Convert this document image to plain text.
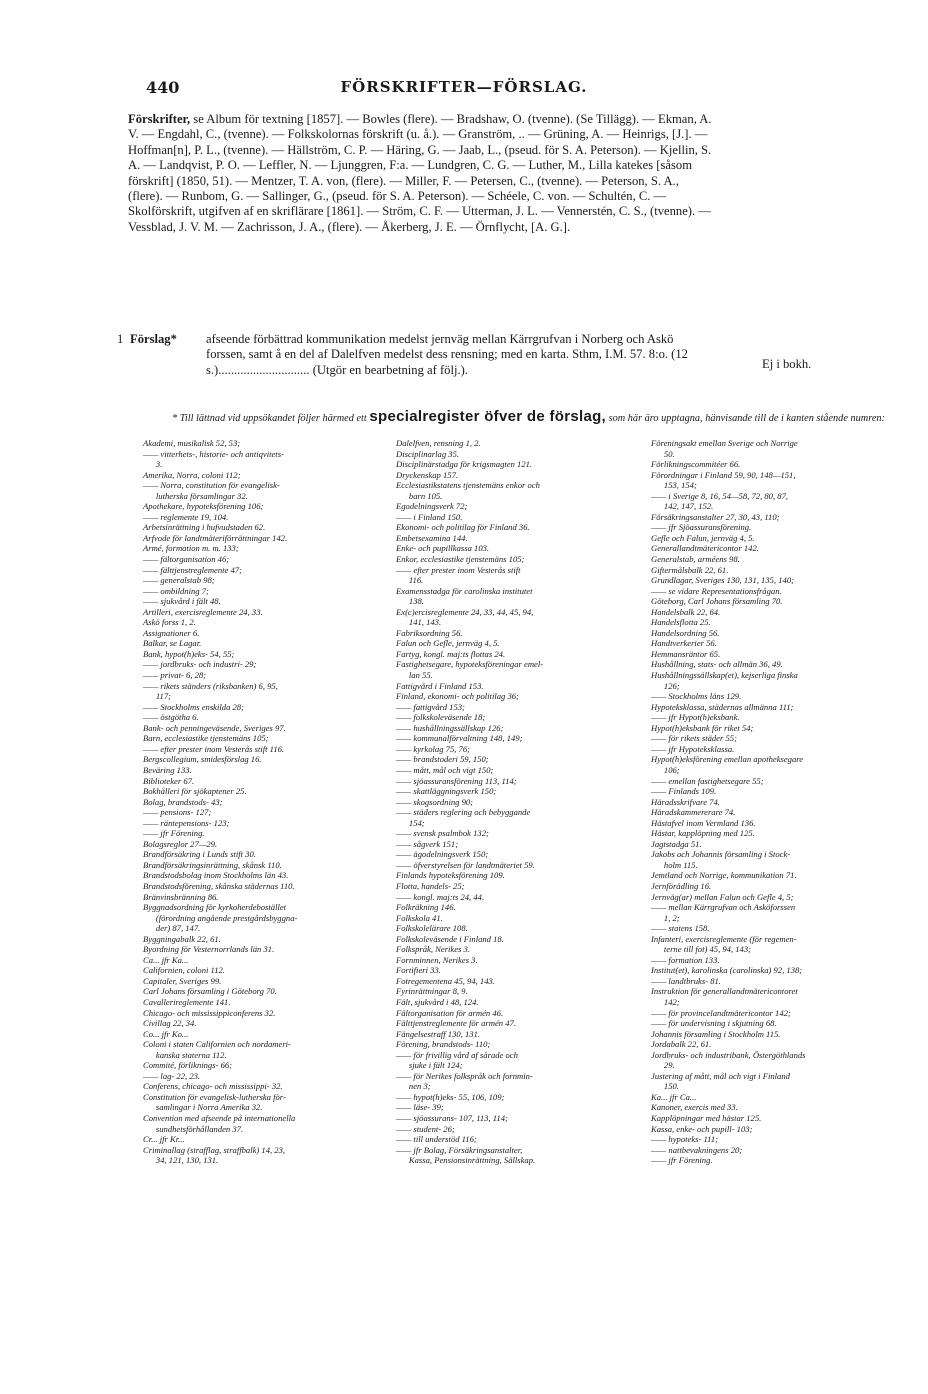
440	FÖRSKRIFTER—FÖRSLAG.
Förskrifter, se Album för textning [1857]. — Bowles (flere). — Bradshaw, O. (tvenne). (Se Tillägg). — Ekman, A. V. — Engdahl, C., (tvenne). — Folkskolornas förskrift (u. å.). — Granström, .. — Grüning, A. — Heinrigs, [J.]. — Hoffman[n], P. L., (tvenne). — Hällström, C. P. — Häring, G. — Jaab, L., (pseud. för S. A. Peterson). — Kjellin, S. A. — Landqvist, P. O. — Leffler, N. — Ljunggren, F:a. — Lundgren, C. G. — Luther, M., Lilla katekes [såsom förskrift] (1850, 51). — Mentzer, T. A. von, (flere). — Miller, F. — Petersen, C., (tvenne). — Peterson, S. A., (flere). — Runbom, G. — Sallinger, G., (pseud. för S. A. Peterson). — Schéele, C. von. — Schultén, C. — Skolförskrift, utgifven af en skriflärare [1861]. — Ström, C. F. — Utterman, J. L. — Vennerstén, C. S., (tvenne). — Vessblad, J. V. M. — Zachrisson, J. A., (flere). — Åkerberg, J. E. — Örnflycht, [A. G.].
1 Förslag* afseende förbättrad kommunikation medelst jernväg mellan Kärrgrufvan i Norberg och Askö forssen, samt å en del af Dalelfven medelst dess rensning; med en karta. Sthm, I.M. 57. 8:o. (12 s.)............................. (Utgör en bearbetning af följ.).	Ej i bokh.
* Till lättnad vid uppsökandet följer härmed ett specialregister öfver de förslag, som här äro upptagna, hänvisande till de i kanten stående numren:
Akademi, musikalisk 52, 53;
—— vitterhets-, historie- och antiqvitets-
3.
Amerika, Norra, coloni 112;
—— Norra, constitution för evangelisk-
lutherska församlingar 32.
Apothekare, hypoteksförening 106;
—— reglemente 19, 104.
Arbetsinrättning i hufvudstaden 62.
Arfvode för landtmäteriförrättningar 142.
Armé, formation m. m. 133;
—— fältorganisation 46;
—— fälttjenstreglemente 47;
—— generalstab 98;
—— ombildning 7;
—— sjukvård i fält 48.
Artilleri, exercisreglemente 24, 33.
Askö forss 1, 2.
Assignationer 6.
Balkar, se Lagar.
Bank, hypot(h)eks- 54, 55;
—— jordbruks- och industri- 29;
—— privat- 6, 28;
—— rikets ständers (riksbanken) 6, 95,
117;
—— Stockholms enskilda 28;
—— östgötha 6.
Bank- och penningeväsende, Sveriges 97.
Barn, ecclesiastike tjenstemäns 105;
—— efter prester inom Vesterås stift 116.
Bergscollegium, smidesförslag 16.
Beväring 133.
Biblioteker 67.
Bokhålleri för sjökaptener 25.
Bolag, brandstods- 43;
—— pensions- 127;
—— räntepensions- 123;
—— jfr Förening.
Bolagsreglor 27—29.
Brandförsäkring i Lunds stift 30.
Brandförsäkringsinrättning, skånsk 110.
Brandstodsbolag inom Stockholms län 43.
Brandstodsförening, skånska städernas 110.
Bränvinsbränning 86.
Byggnadsordning för kyrkoherdebostället
(förordning angående prestgårdsbyggna-
der) 87, 147.
Byggningabalk 22, 61.
Byordning för Vesternorrlands län 31.
Ca... jfr Ka...
Californien, coloni 112.
Capitaler, Sveriges 99.
Carl Johans församling i Göteborg 70.
Cavallerireglemente 141.
Chicago- och mississippiconferens 32.
Civillag 22, 34.
Co... jfr Ko...
Coloni i staten Californien och nordameri-
kanska staterna 112.
Commité, förliknings- 66;
—— lag- 22, 23.
Conferens, chicago- och mississippi- 32.
Constitution för evangelisk-lutherska för-
samlingar i Norra Amerika 32.
Convention med afseende på internationella
sundhetsförhållanden 37.
Cr... jfr Kr...
Criminallag (strafflag, straffbalk) 14, 23,
34, 121, 130, 131.
Dalelfven, rensning 1, 2.
Disciplinarlag 35.
Disciplinärstadga för krigsmagten 121.
Dryckenskap 157.
Ecclesiastikstatens tjenstemäns enkor och
barn 105.
Egodelningsverk 72;
—— i Finland 150.
Ekonomi- och politilag för Finland 36.
Embetsexamina 144.
Enke- och pupillkassa 103.
Enkor, ecclesiastike tjenstemäns 105;
—— efter prester inom Vesterås stift
116.
Examensstadga för carolinska institutet
138.
Ex(c)ercisreglemente 24, 33, 44, 45, 94,
141, 143.
Fabriksordning 56.
Falun och Gefle, jernväg 4, 5.
Fartyg, kongl. maj:ts flottas 24.
Fastighetsegare, hypoteksföreningar emel-
lan 55.
Fattigvård i Finland 153.
Finland, ekonomi- och politilag 36;
—— fattigvård 153;
—— folkskoleväsende 18;
—— hushållningssällskap 126;
—— kommunalförvaltning 148, 149;
—— kyrkolag 75, 76;
—— brandstoderi 59, 150;
—— mått, mål och vigt 150;
—— sjöassuransförening 113, 114;
—— skattläggningsverk 150;
—— skogsordning 90;
—— städers reglering och bebyggande
154;
—— svensk psalmbok 132;
—— sågverk 151;
—— ägodelningsverk 150;
—— öfverstyrelsen för landtmäteriet 59.
Finlands hypoteksförening 109.
Flotta, handels- 25;
—— kongl. maj:ts 24, 44.
Folkräkning 146.
Folkskola 41.
Folkskolelärare 108.
Folkskoleväsende i Finland 18.
Folkspråk, Nerikes 3.
Fornminnen, Nerikes 3.
Fortifieri 33.
Fotregementena 45, 94, 143.
Fyrinrättningar 8, 9.
Fält, sjukvård i 48, 124.
Fältorganisation för armén 46.
Fälttjenstreglemente för armén 47.
Fängelsestraff 130, 131.
Förening, brandstods- 110;
—— för frivillig vård af sårade och
sjuke i fält 124;
—— för Nerikes folkspråk och fornmin-
nen 3;
—— hypot(h)eks- 55, 106, 109;
—— läse- 39;
—— sjöassurans- 107, 113, 114;
—— student- 26;
—— till understöd 116;
—— jfr Bolag, Försäkringsanstalter,
Kassa, Pensionsinrättning, Sällskap.
Föreningsakt emellan Sverige och Norrige
50.
Förlikningscommitéer 66.
Förordningar i Finland 59, 90, 148—151,
153, 154;
—— i Sverige 8, 16, 54—58, 72, 80, 87,
142, 147, 152.
Försäkringsanstalter 27, 30, 43, 110;
—— jfr Sjöassuransförening.
Gefle och Falun, jernväg 4, 5.
Generallandtmätericontor 142.
Generalstab, arméens 98.
Giftermålsbalk 22, 61.
Grundlagar, Sveriges 130, 131, 135, 140;
—— se vidare Representationsfrågan.
Göteborg, Carl Johans församling 70.
Handelsbalk 22, 64.
Handelsflotta 25.
Handelsordning 56.
Handtverkerier 56.
Hemmansräntor 65.
Hushållning, stats- och allmän 36, 49.
Hushållningssällskap(et), kejserliga finska
126;
—— Stockholms läns 129.
Hypoteksklassa, städernas allmänna 111;
—— jfr Hypot(h)eksbank.
Hypot(h)eksbank för riket 54;
—— för rikets städer 55;
—— jfr Hypoteksklassa.
Hypot(h)eksförening emellan apotheksegare
106;
—— emellan fastighetsegare 55;
—— Finlands 109.
Häradsskrifvare 74.
Häradskammererare 74.
Hästafvel inom Vermland 136.
Hästar, kapplöpning med 125.
Jagtstadga 51.
Jakobs och Johannis församling i Stock-
holm 115.
Jemtland och Norrige, kommunikation 71.
Jernförädling 16.
Jernväg(ar) mellan Falun och Gefle 4, 5;
—— mellan Kärrgrufvan och Asköforssen
1, 2;
—— statens 158.
Infanteri, exercisreglemente (för regemen-
terne till fot) 45, 94, 143;
—— formation 133.
Institut(et), karolinska (carolinska) 92, 138;
—— landtbruks- 81.
Instruktion för generallandtmätericontoret
142;
—— för provincelandtmätericontor 142;
—— för undervisning i skjutning 68.
Johannis församling i Stockholm 115.
Jordabalk 22, 61.
Jordbruks- och industribank, Östergöthlands
29.
Justering af mått, mål och vigt i Finland
150.
Ka... jfr Ca...
Kanoner, exercis med 33.
Kapplöpningar med hästar 125.
Kassa, enke- och pupill- 103;
—— hypoteks- 111;
—— nattbevakningens 20;
—— jfr Förening.
